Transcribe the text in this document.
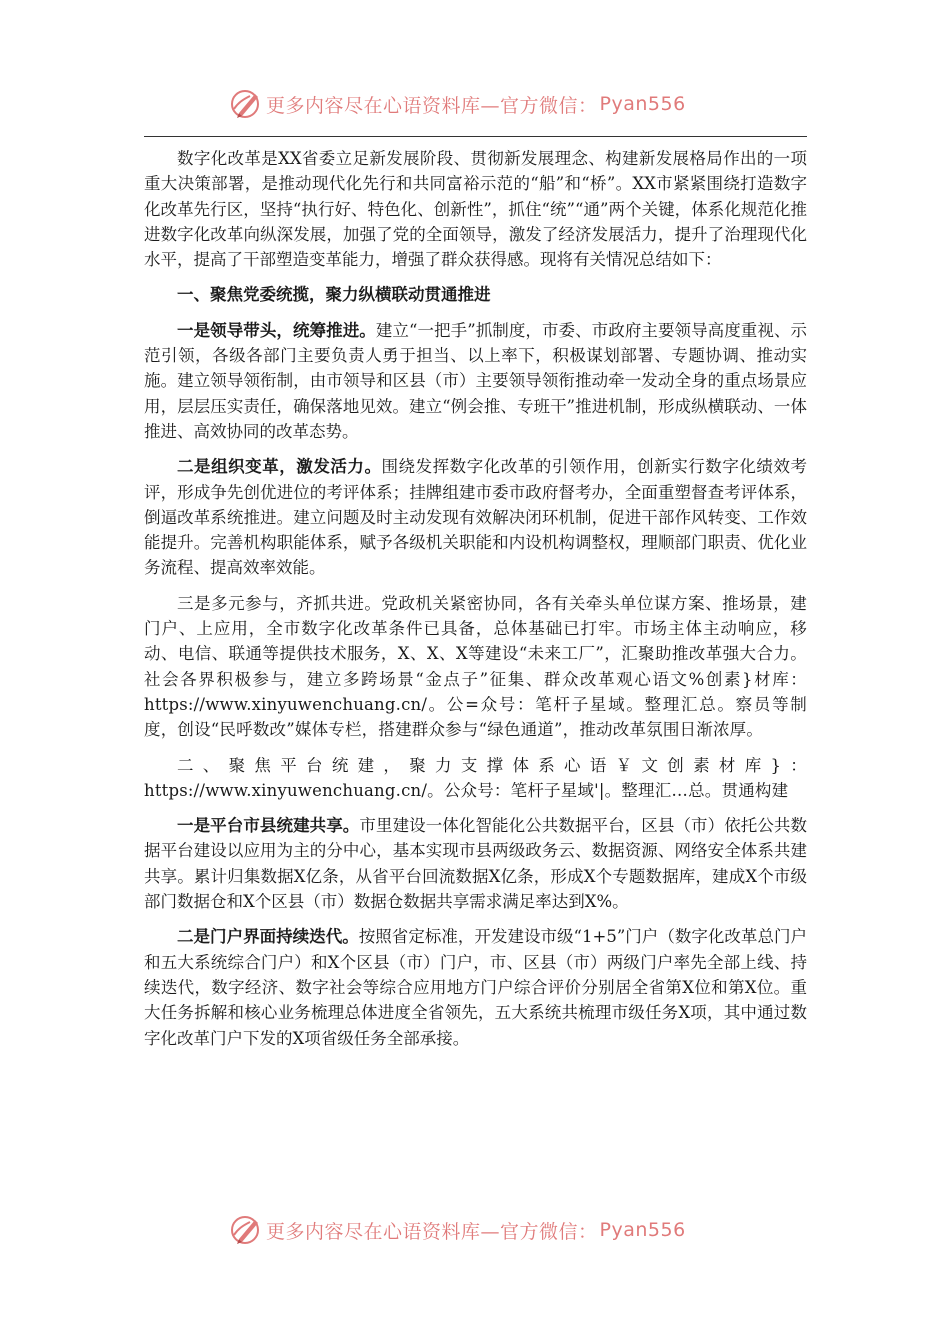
更多内容尽在心语资料库—官方微信： Pyan556

数字化改革是XX省委立足新发展阶段、贯彻新发展理念、构建新发展格局作出的一项重大决策部署，是推动现代化先行和共同富裕示范的“船”和“桥”。XX市紧紧围绕打造数字化改革先行区，坚持“执行好、特色化、创新性”，抓住“统”“通”两个关键，体系化规范化推进数字化改革向纵深发展，加强了党的全面领导，激发了经济发展活力，提升了治理现代化水平，提高了干部塑造变革能力，增强了群众获得感。现将有关情况总结如下：

一、聚焦党委统揽，聚力纵横联动贯通推进

一是领导带头，统筹推进。建立“一把手”抓制度，市委、市政府主要领导高度重视、示范引领，各级各部门主要负责人勇于担当、以上率下，积极谋划部署、专题协调、推动实施。建立领导领衔制，由市领导和区县（市）主要领导领衔推动牵一发动全身的重点场景应用，层层压实责任，确保落地见效。建立“例会推、专班干”推进机制，形成纵横联动、一体推进、高效协同的改革态势。

二是组织变革，激发活力。围绕发挥数字化改革的引领作用，创新实行数字化绩效考评，形成争先创优进位的考评体系；挂牌组建市委市政府督考办，全面重塑督查考评体系，倒逼改革系统推进。建立问题及时主动发现有效解决闭环机制，促进干部作风转变、工作效能提升。完善机构职能体系，赋予各级机关职能和内设机构调整权，理顺部门职责、优化业务流程、提高效率效能。

三是多元参与，齐抓共进。党政机关紧密协同，各有关牵头单位谋方案、推场景，建门户、上应用，全市数字化改革条件已具备，总体基础已打牢。市场主体主动响应，移动、电信、联通等提供技术服务，X、X、X等建设“未来工厂”，汇聚助推改革强大合力。社会各界积极参与，建立多跨场景“金点子”征集、群众改革观心语文%创素}材库：https://www.xinyuwenchuang.cn/。公=众号：笔杆子星域。整理汇总。察员等制度，创设“民呼数改”媒体专栏，搭建群众参与“绿色通道”，推动改革氛围日渐浓厚。

二、聚焦平台统建，聚力支撑体系心语￥文创素材库}：https://www.xinyuwenchuang.cn/。公众号：笔杆子星域'|。整理汇…总。贯通构建

一是平台市县统建共享。市里建设一体化智能化公共数据平台，区县（市）依托公共数据平台建设以应用为主的分中心，基本实现市县两级政务云、数据资源、网络安全体系共建共享。累计归集数据X亿条，从省平台回流数据X亿条，形成X个专题数据库，建成X个市级部门数据仓和X个区县（市）数据仓数据共享需求满足率达到X%。

二是门户界面持续迭代。按照省定标准，开发建设市级“1+5”门户（数字化改革总门户和五大系统综合门户）和X个区县（市）门户，市、区县（市）两级门户率先全部上线、持续迭代，数字经济、数字社会等综合应用地方门户综合评价分别居全省第X位和第X位。重大任务拆解和核心业务梳理总体进度全省领先，五大系统共梳理市级任务X项，其中通过数字化改革门户下发的X项省级任务全部承接。

更多内容尽在心语资料库—官方微信： Pyan556
